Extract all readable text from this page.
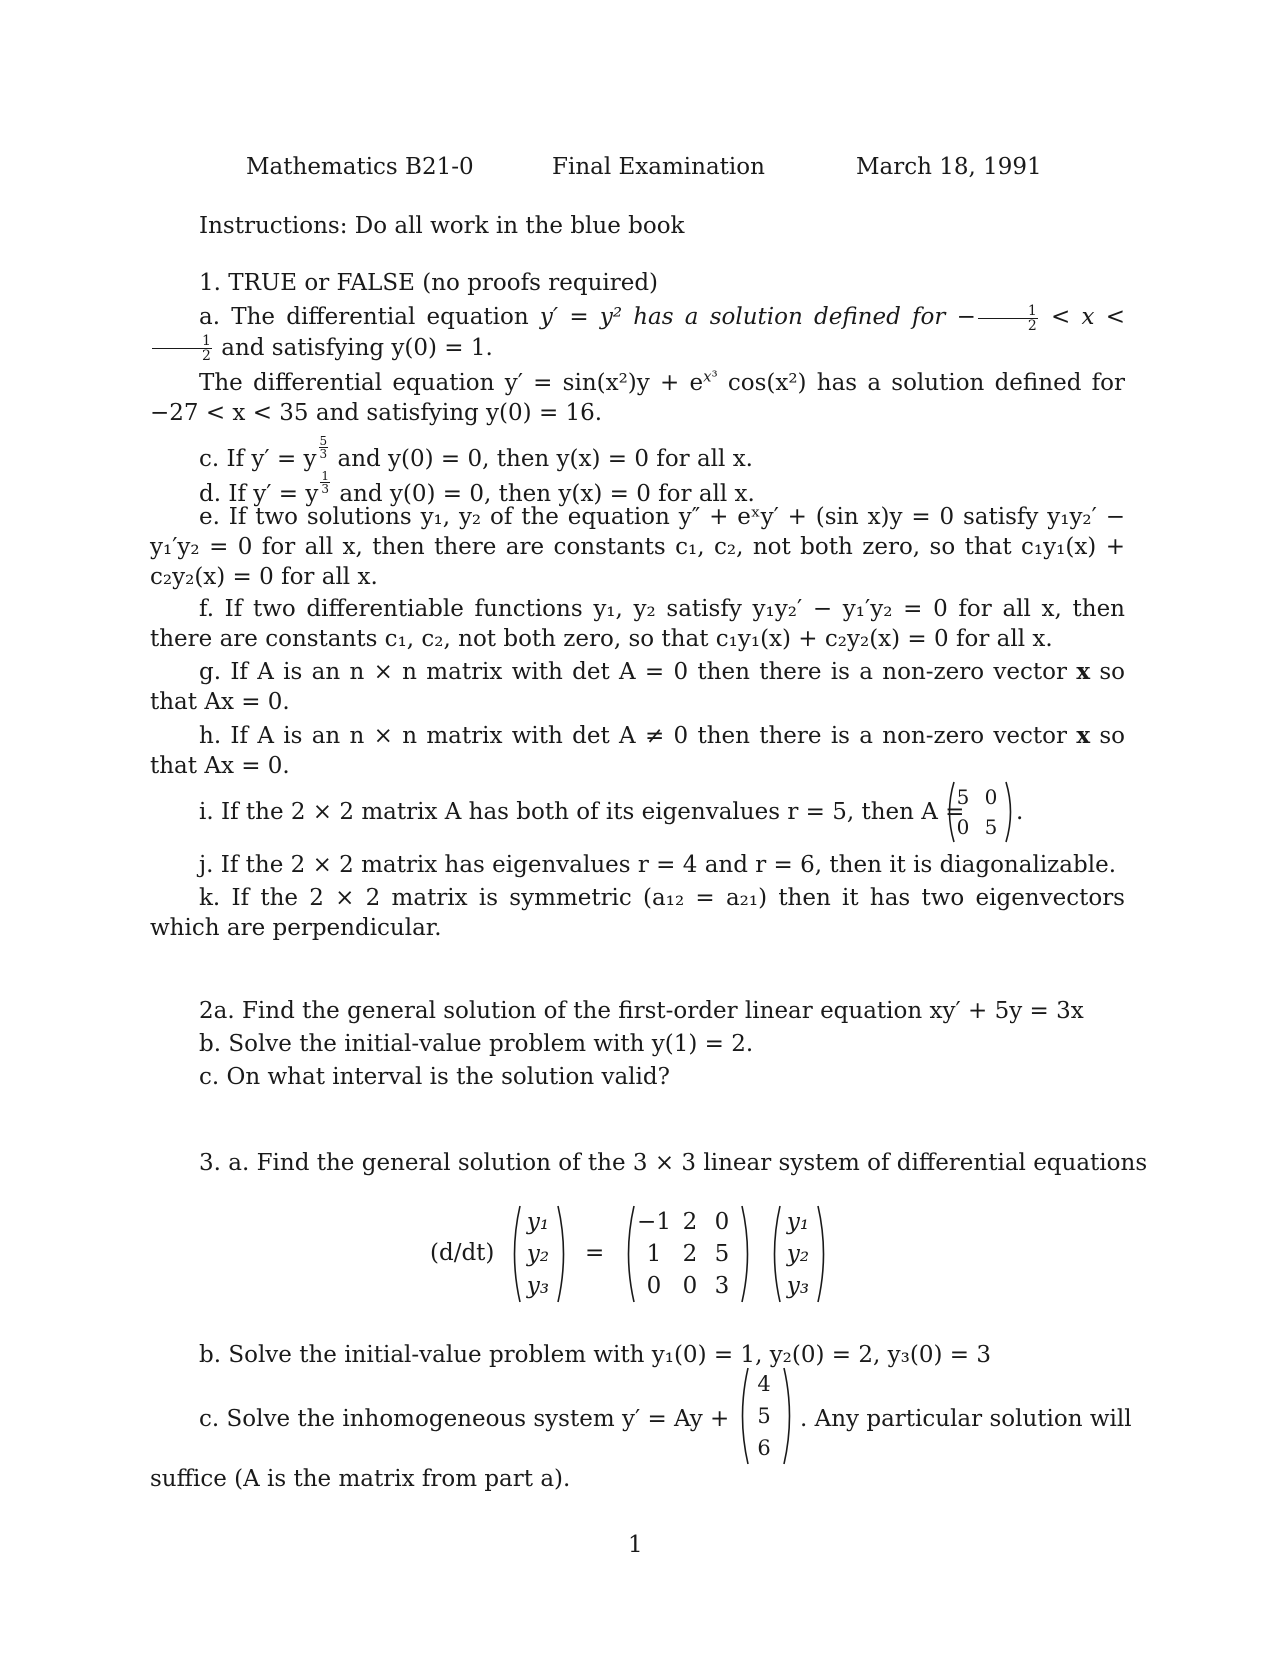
Mathematics B21-0	Final Examination	March 18, 1991
Instructions: Do all work in the blue book
1. TRUE or FALSE (no proofs required)
a. The differential equation y′ = y² has a solution defined for − $\frac{1}{2} < x$ <
$\frac{1}{2}$ and satisfying y(0) = 1.
The differential equation $y' = \sin(x^2)y + e^{x^3}$ cos(x²) has a solution defined for −27 < x < 35 and satisfying y(0) = 16.
c. If y′ = y $\frac{5}{3}$ and y(0) = 0, then y(x) = 0 for all x.
d. If y′ = y $\frac{1}{3}$ and y(0) = 0, then y(x) = 0 for all x.
e. If two solutions y₁, y₂ of the equation y″ + eˣy′ + (sin x)y = 0 satisfy y₁y₂′ − y₁′y₂ = 0 for all x, then there are constants c₁, c₂, not both zero, so that c₁y₁(x) + c₂y₂(x) = 0 for all x.
f. If two differentiable functions y₁, y₂ satisfy y₁y₂′ − y₁′y₂ = 0 for all x, then there are constants c₁, c₂, not both zero, so that c₁y₁(x) + c₂y₂(x) = 0 for all x.
g. If A is an n × n matrix with det A = 0 then there is a non-zero vector x so that Ax = 0.
h. If A is an n × n matrix with det A ≠ 0 then there is a non-zero vector x so that Ax = 0.
i. If the 2 × 2 matrix A has both of its eigenvalues r = 5, then A =
5 0
0 5
.
j. If the 2 × 2 matrix has eigenvalues r = 4 and r = 6, then it is diagonalizable.
k. If the 2 × 2 matrix is symmetric (a₁₂ = a₂₁) then it has two eigenvectors which are perpendicular.
2a. Find the general solution of the first-order linear equation xy′ + 5y = 3x
b. Solve the initial-value problem with y(1) = 2.
c. On what interval is the solution valid?
3. a. Find the general solution of the 3 × 3 linear system of differential equations
(d/dt)
y₁
y₂
y₃
=
−1 2 0
1 2 5
0 0 3
y₁
y₂
y₃
b. Solve the initial-value problem with y₁(0) = 1, y₂(0) = 2, y₃(0) = 3
c. Solve the inhomogeneous system y′ = Ay +
4
5
6
. Any particular solution will
suffice (A is the matrix from part a).
1
